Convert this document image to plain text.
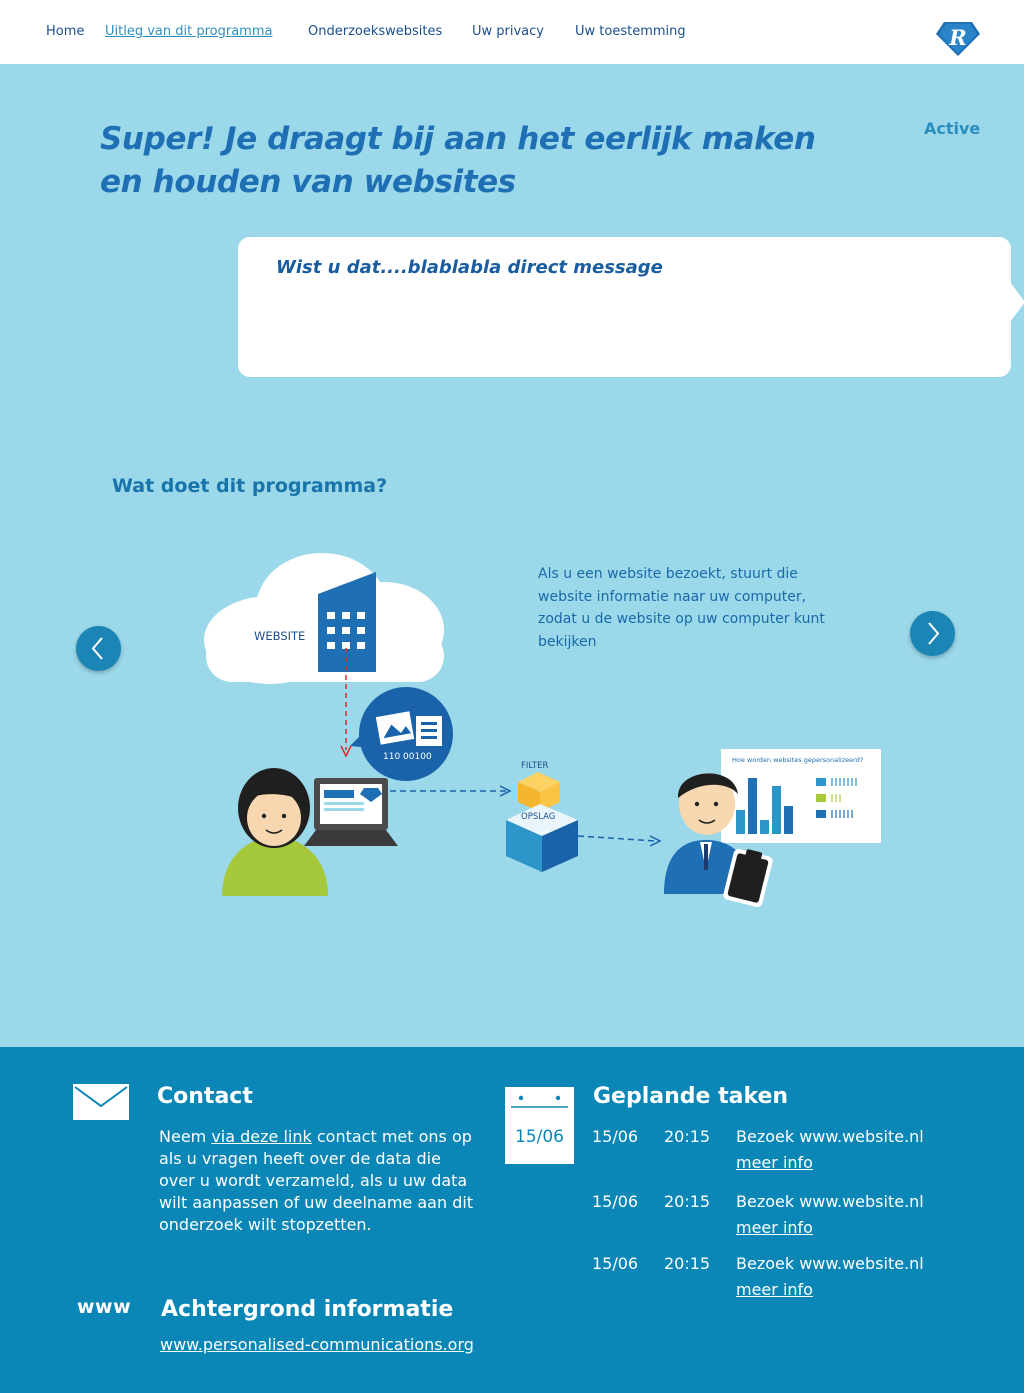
Home Uitleg van dit programma	Onderzoekswebsites Uw privacy Uw toestemming	R
Super! Je draagt bij aan het eerlijk maken
en houden van websites
Active
Wist u dat....blablabla direct message
Wat doet dit programma?
Als u een website bezoekt, stuurt die website informatie naar uw computer, zodat u de website op uw computer kunt bekijken
WEBSITE
110 00100
FILTER
OPSLAG
Hoe worden websites gepersonalizeerd?
Contact
Neem via deze link contact met ons op als u vragen heeft over de data die over u wordt verzameld, als u uw data wilt aanpassen of uw deelname aan dit onderzoek wilt stopzetten.
www Achtergrond informatie
www.personalised-communications.org
15/06
Geplande taken
15/06 20:15 Bezoek www.website.nl
meer info
15/06 20:15 Bezoek www.website.nl
meer info
15/06 20:15 Bezoek www.website.nl
meer info
